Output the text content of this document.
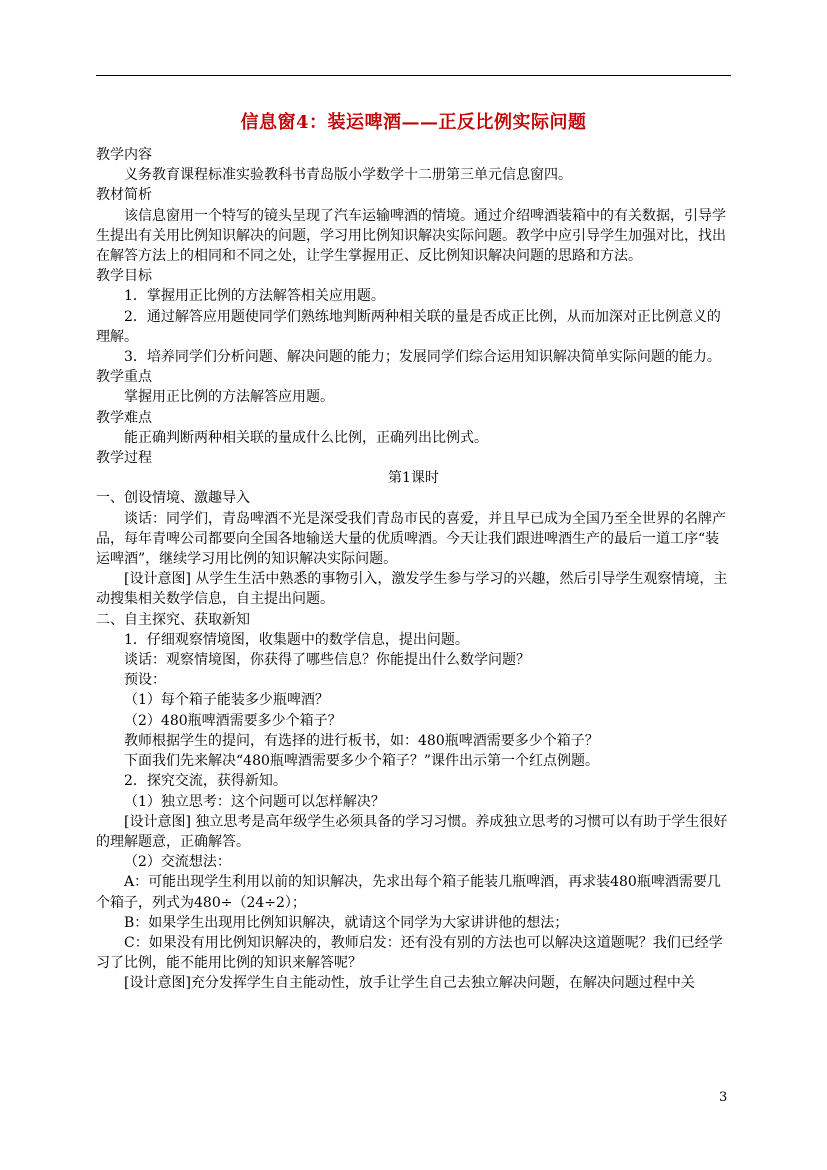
信息窗4：装运啤酒——正反比例实际问题

教学内容

义务教育课程标准实验教科书青岛版小学数学十二册第三单元信息窗四。

教材简析

该信息窗用一个特写的镜头呈现了汽车运输啤酒的情境。通过介绍啤酒装箱中的有关数据，引导学生提出有关用比例知识解决的问题，学习用比例知识解决实际问题。教学中应引导学生加强对比，找出在解答方法上的相同和不同之处，让学生掌握用正、反比例知识解决问题的思路和方法。

教学目标

1．掌握用正比例的方法解答相关应用题。

2．通过解答应用题使同学们熟练地判断两种相关联的量是否成正比例，从而加深对正比例意义的理解。

3．培养同学们分析问题、解决问题的能力；发展同学们综合运用知识解决简单实际问题的能力。

教学重点

掌握用正比例的方法解答应用题。

教学难点

能正确判断两种相关联的量成什么比例，正确列出比例式。

教学过程

第1课时

一、创设情境、激趣导入

谈话：同学们，青岛啤酒不光是深受我们青岛市民的喜爱，并且早已成为全国乃至全世界的名牌产品，每年青啤公司都要向全国各地输送大量的优质啤酒。今天让我们跟进啤酒生产的最后一道工序“装运啤酒”，继续学习用比例的知识解决实际问题。

[设计意图] 从学生生活中熟悉的事物引入，激发学生参与学习的兴趣，然后引导学生观察情境，主动搜集相关数学信息，自主提出问题。

二、自主探究、获取新知

1．仔细观察情境图，收集题中的数学信息，提出问题。

谈话：观察情境图，你获得了哪些信息？你能提出什么数学问题？

预设：

（1）每个箱子能装多少瓶啤酒？

（2）480瓶啤酒需要多少个箱子？

教师根据学生的提问，有选择的进行板书，如：480瓶啤酒需要多少个箱子？

下面我们先来解决“480瓶啤酒需要多少个箱子？”课件出示第一个红点例题。

2．探究交流，获得新知。

（1）独立思考：这个问题可以怎样解决？

[设计意图] 独立思考是高年级学生必须具备的学习习惯。养成独立思考的习惯可以有助于学生很好的理解题意，正确解答。

（2）交流想法：

A：可能出现学生利用以前的知识解决，先求出每个箱子能装几瓶啤酒，再求装480瓶啤酒需要几个箱子，列式为480÷（24÷2）；

B：如果学生出现用比例知识解决，就请这个同学为大家讲讲他的想法；

C：如果没有用比例知识解决的，教师启发：还有没有别的方法也可以解决这道题呢？我们已经学习了比例，能不能用比例的知识来解答呢？

[设计意图]充分发挥学生自主能动性，放手让学生自己去独立解决问题，在解决问题过程中关

3
